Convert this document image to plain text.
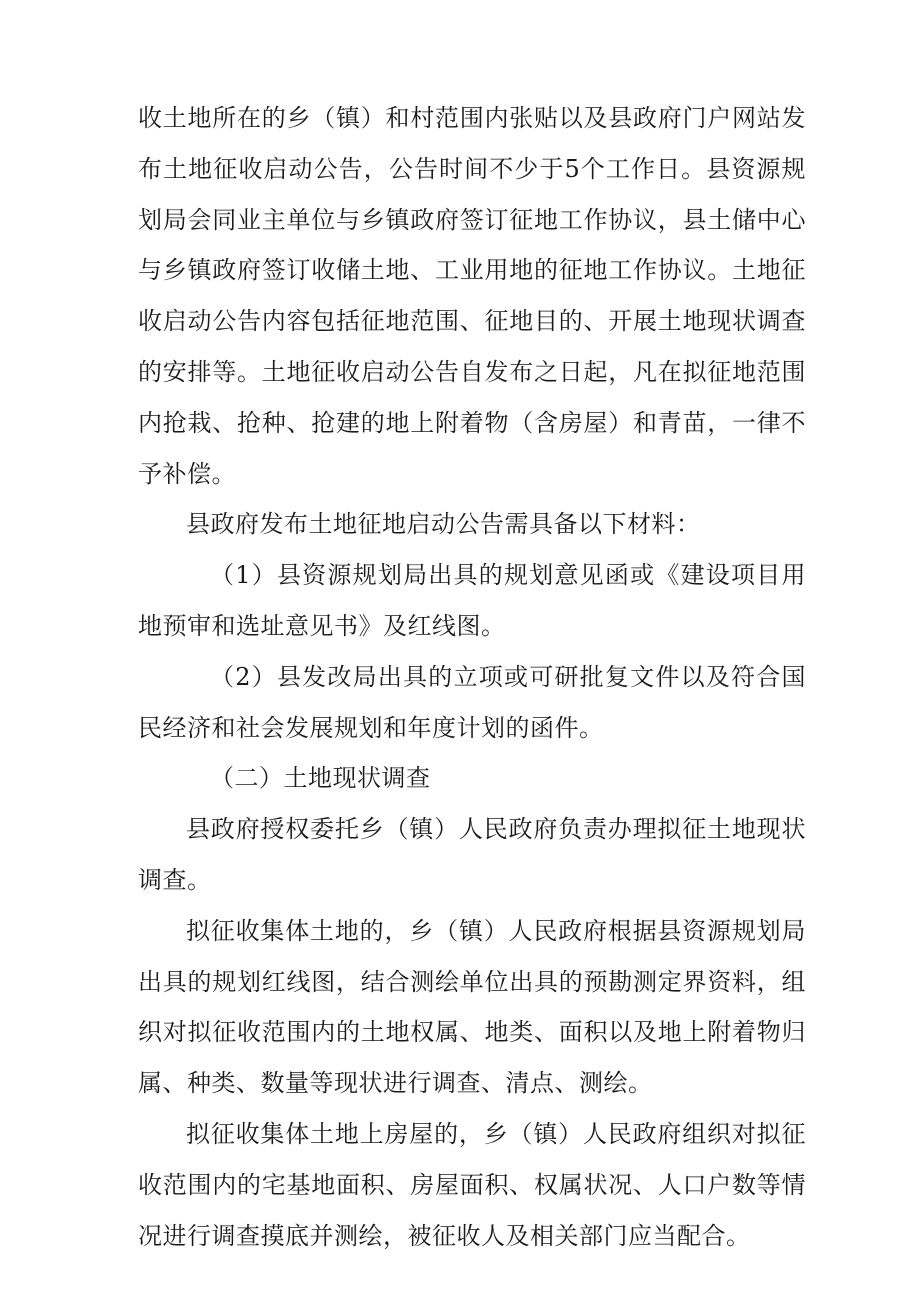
收土地所在的乡（镇）和村范围内张贴以及县政府门户网站发布土地征收启动公告，公告时间不少于5个工作日。县资源规划局会同业主单位与乡镇政府签订征地工作协议，县土储中心与乡镇政府签订收储土地、工业用地的征地工作协议。土地征收启动公告内容包括征地范围、征地目的、开展土地现状调查的安排等。土地征收启动公告自发布之日起，凡在拟征地范围内抢栽、抢种、抢建的地上附着物（含房屋）和青苗，一律不予补偿。

县政府发布土地征地启动公告需具备以下材料：

（1）县资源规划局出具的规划意见函或《建设项目用地预审和选址意见书》及红线图。

（2）县发改局出具的立项或可研批复文件以及符合国民经济和社会发展规划和年度计划的函件。

（二）土地现状调查

县政府授权委托乡（镇）人民政府负责办理拟征土地现状调查。

拟征收集体土地的，乡（镇）人民政府根据县资源规划局出具的规划红线图，结合测绘单位出具的预勘测定界资料，组织对拟征收范围内的土地权属、地类、面积以及地上附着物归属、种类、数量等现状进行调查、清点、测绘。

拟征收集体土地上房屋的，乡（镇）人民政府组织对拟征收范围内的宅基地面积、房屋面积、权属状况、人口户数等情况进行调查摸底并测绘，被征收人及相关部门应当配合。
